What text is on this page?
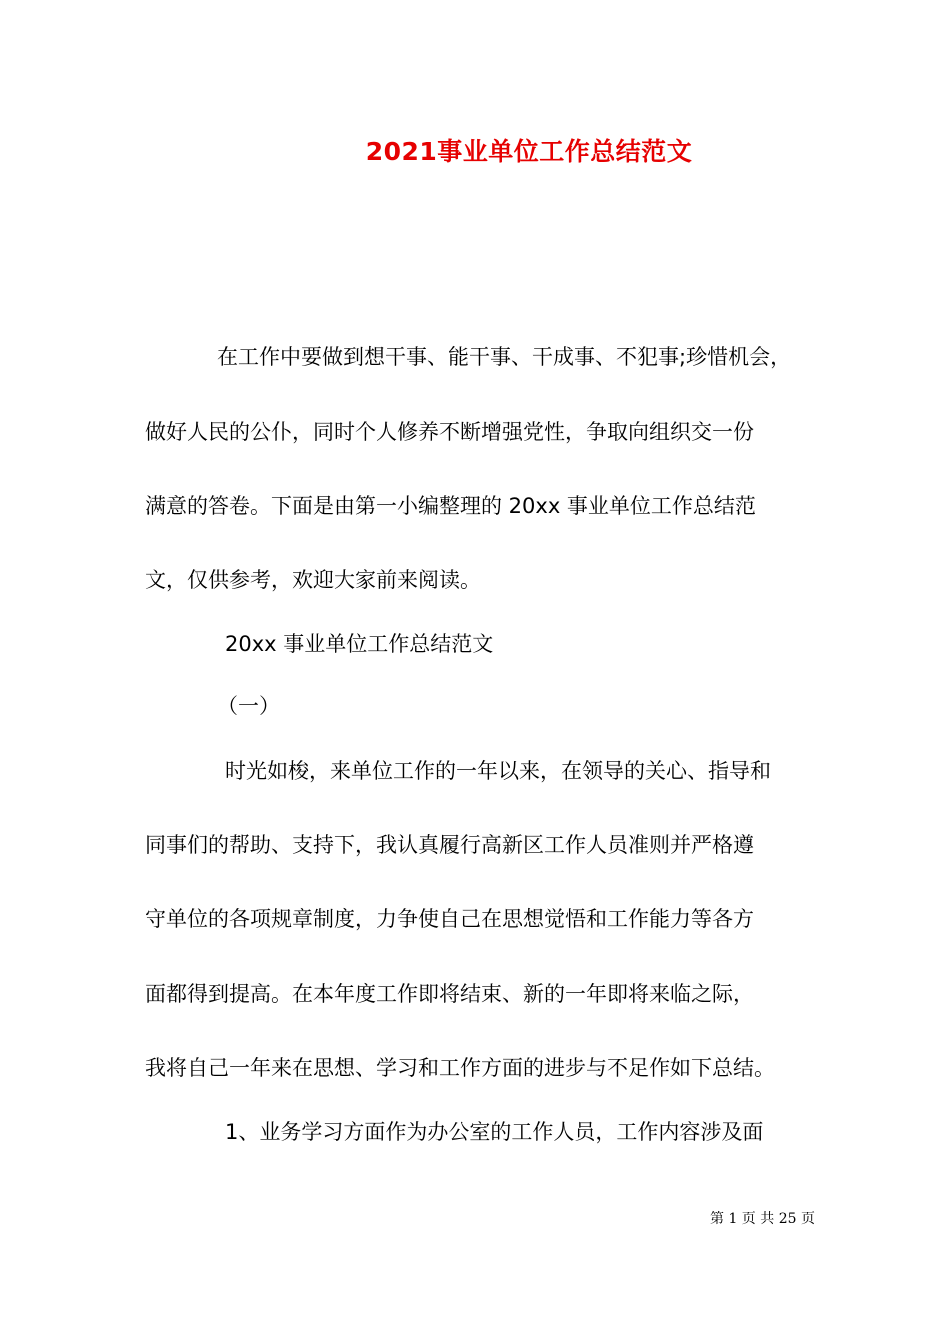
2021事业单位工作总结范文
在工作中要做到想干事、能干事、干成事、不犯事;珍惜机会，
做好人民的公仆，同时个人修养不断增强党性，争取向组织交一份
满意的答卷。下面是由第一小编整理的 20xx 事业单位工作总结范
文，仅供参考，欢迎大家前来阅读。
20xx 事业单位工作总结范文
（一）
时光如梭，来单位工作的一年以来，在领导的关心、指导和
同事们的帮助、支持下，我认真履行高新区工作人员准则并严格遵
守单位的各项规章制度，力争使自己在思想觉悟和工作能力等各方
面都得到提高。在本年度工作即将结束、新的一年即将来临之际，
我将自己一年来在思想、学习和工作方面的进步与不足作如下总结。
1、业务学习方面作为办公室的工作人员，工作内容涉及面
第 1 页 共 25 页
